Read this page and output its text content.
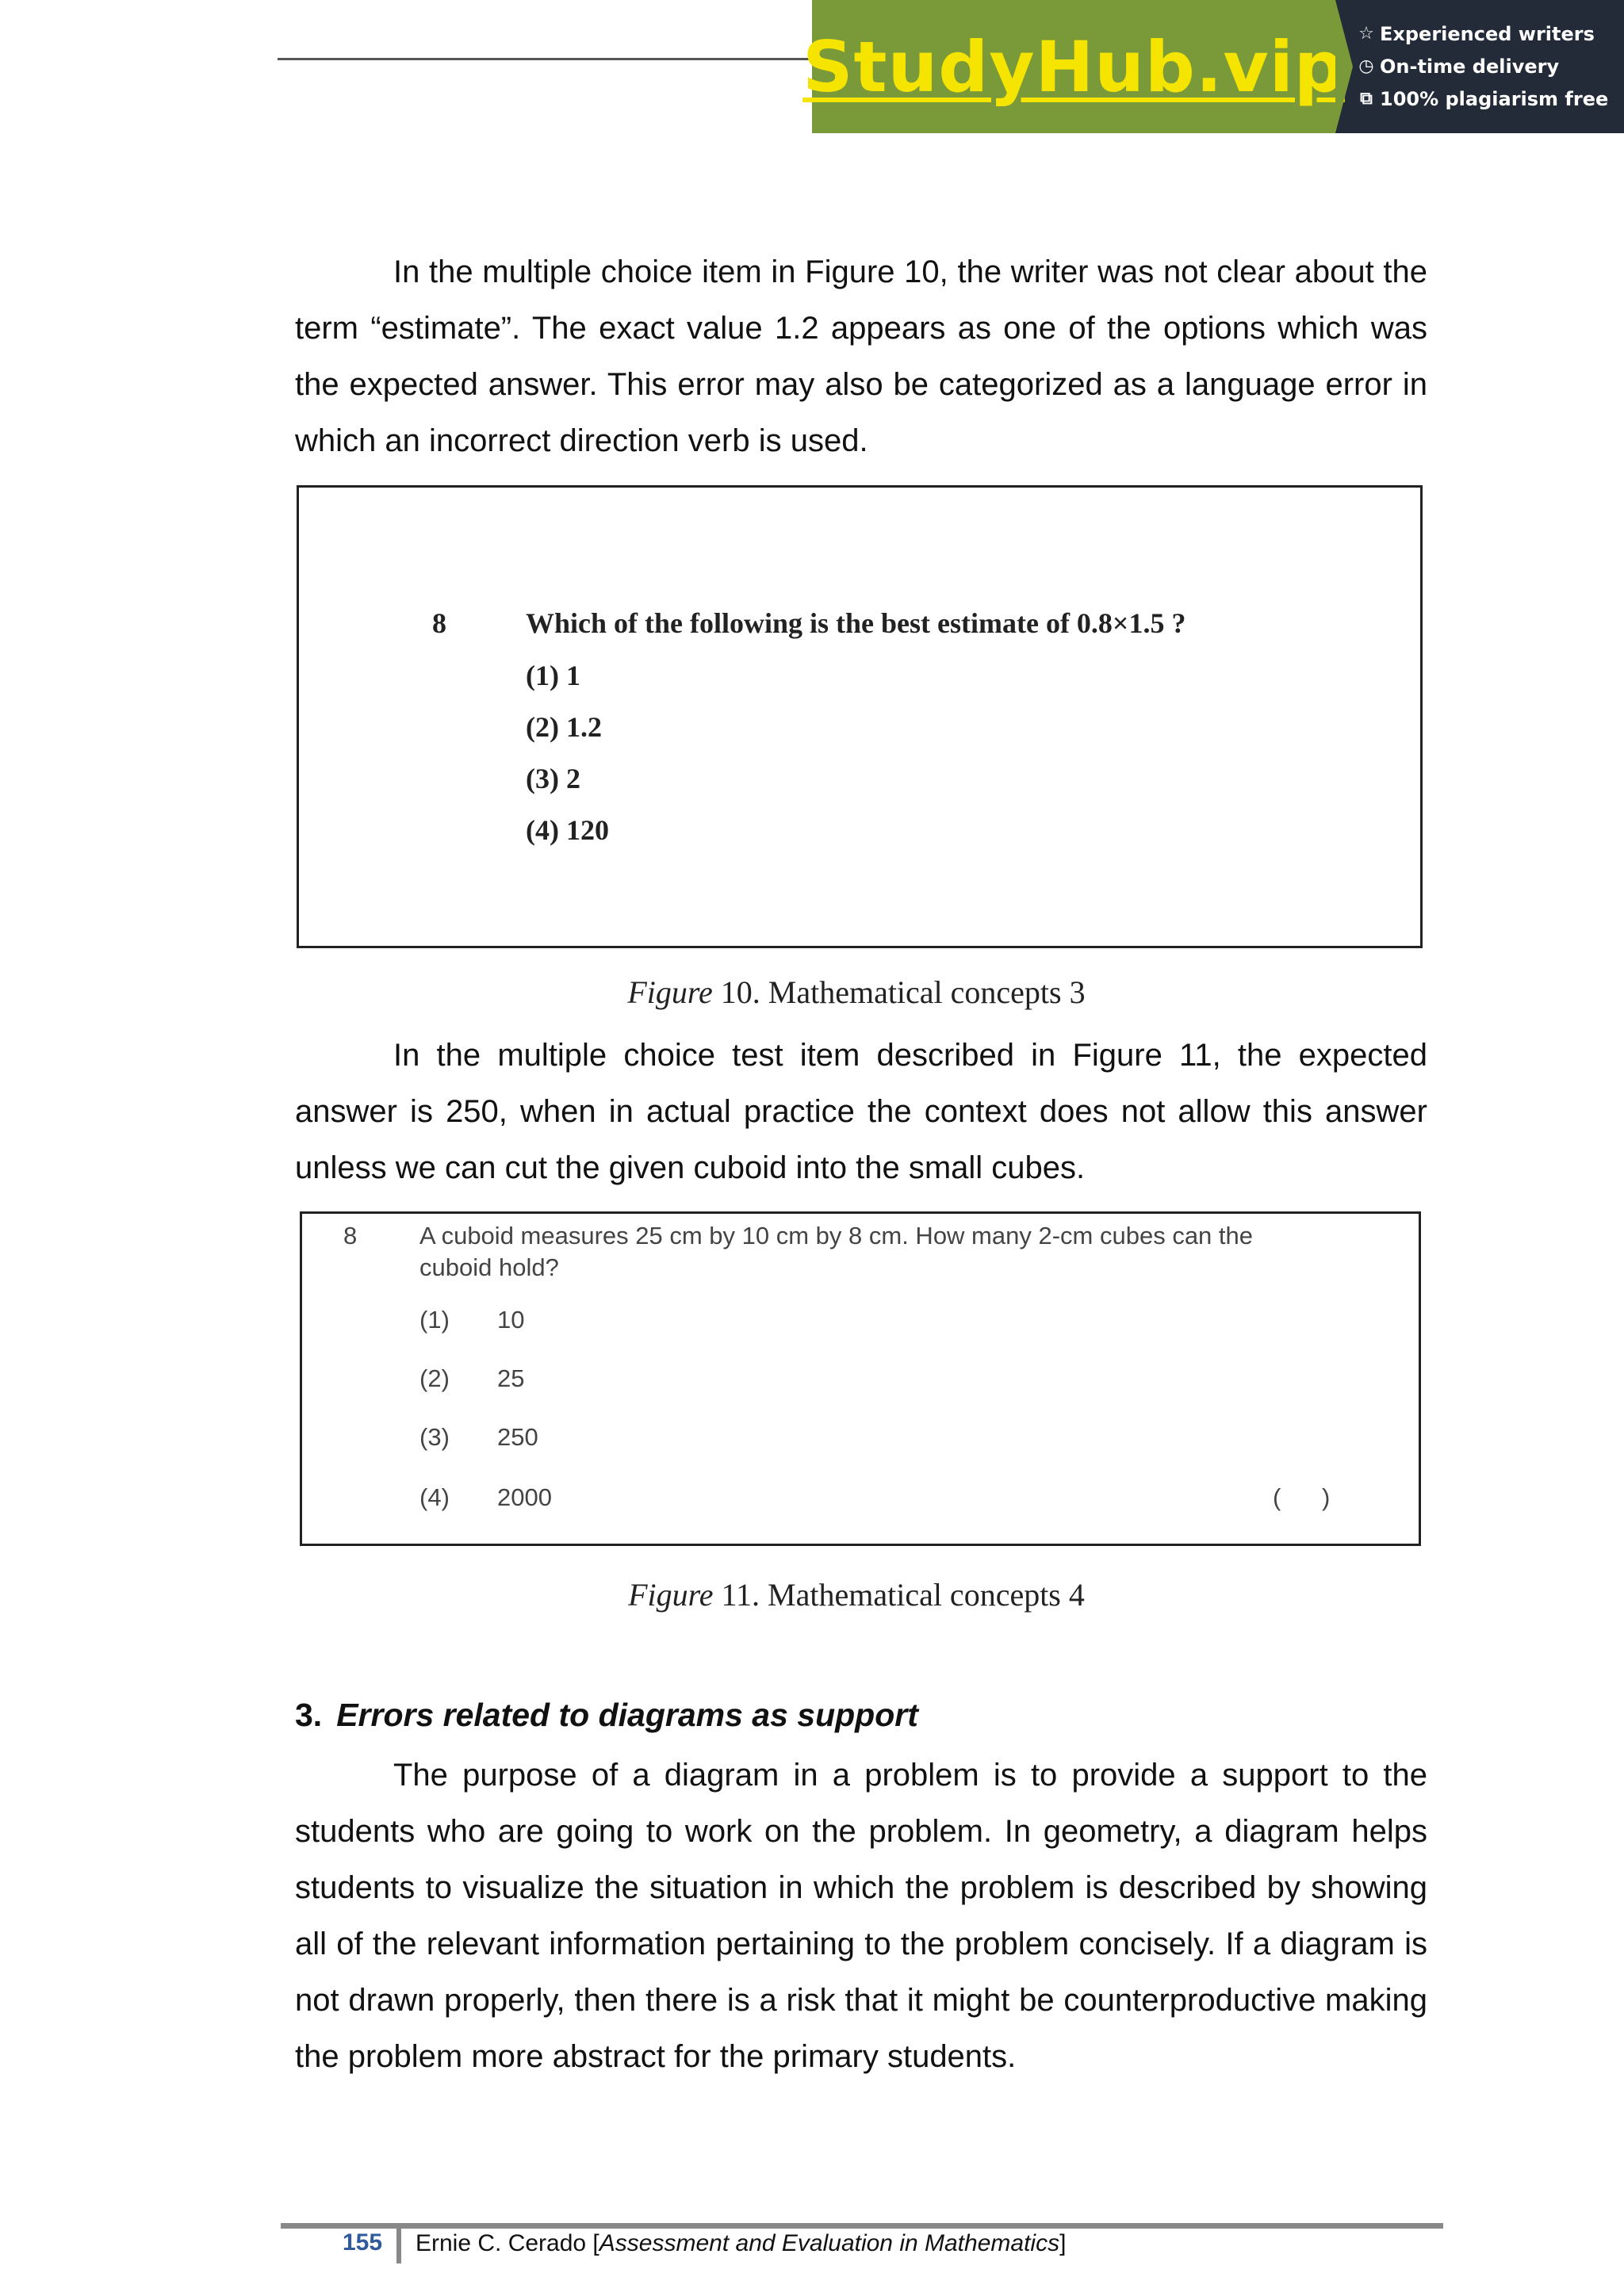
StudyHub.vip ☆ Experienced writers
◷ On-time delivery
⧉ 100% plagiarism free
In the multiple choice item in Figure 10, the writer was not clear about the term “estimate”. The exact value 1.2 appears as one of the options which was the expected answer. This error may also be categorized as a language error in which an incorrect direction verb is used.
8	Which of the following is the best estimate of 0.8×1.5 ?
(1) 1
(2) 1.2
(3) 2
(4) 120
Figure 10. Mathematical concepts 3
In the multiple choice test item described in Figure 11, the expected answer is 250, when in actual practice the context does not allow this answer unless we can cut the given cuboid into the small cubes.
8	A cuboid measures 25 cm by 10 cm by 8 cm. How many 2-cm cubes can the
cuboid hold?
(1) 10
(2) 25
(3) 250
(4) 2000	(      )
Figure 11. Mathematical concepts 4
3. Errors related to diagrams as support
The purpose of a diagram in a problem is to provide a support to the students who are going to work on the problem. In geometry, a diagram helps students to visualize the situation in which the problem is described by showing all of the relevant information pertaining to the problem concisely. If a diagram is not drawn properly, then there is a risk that it might be counterproductive making the problem more abstract for the primary students.
155 Ernie C. Cerado [Assessment and Evaluation in Mathematics]
